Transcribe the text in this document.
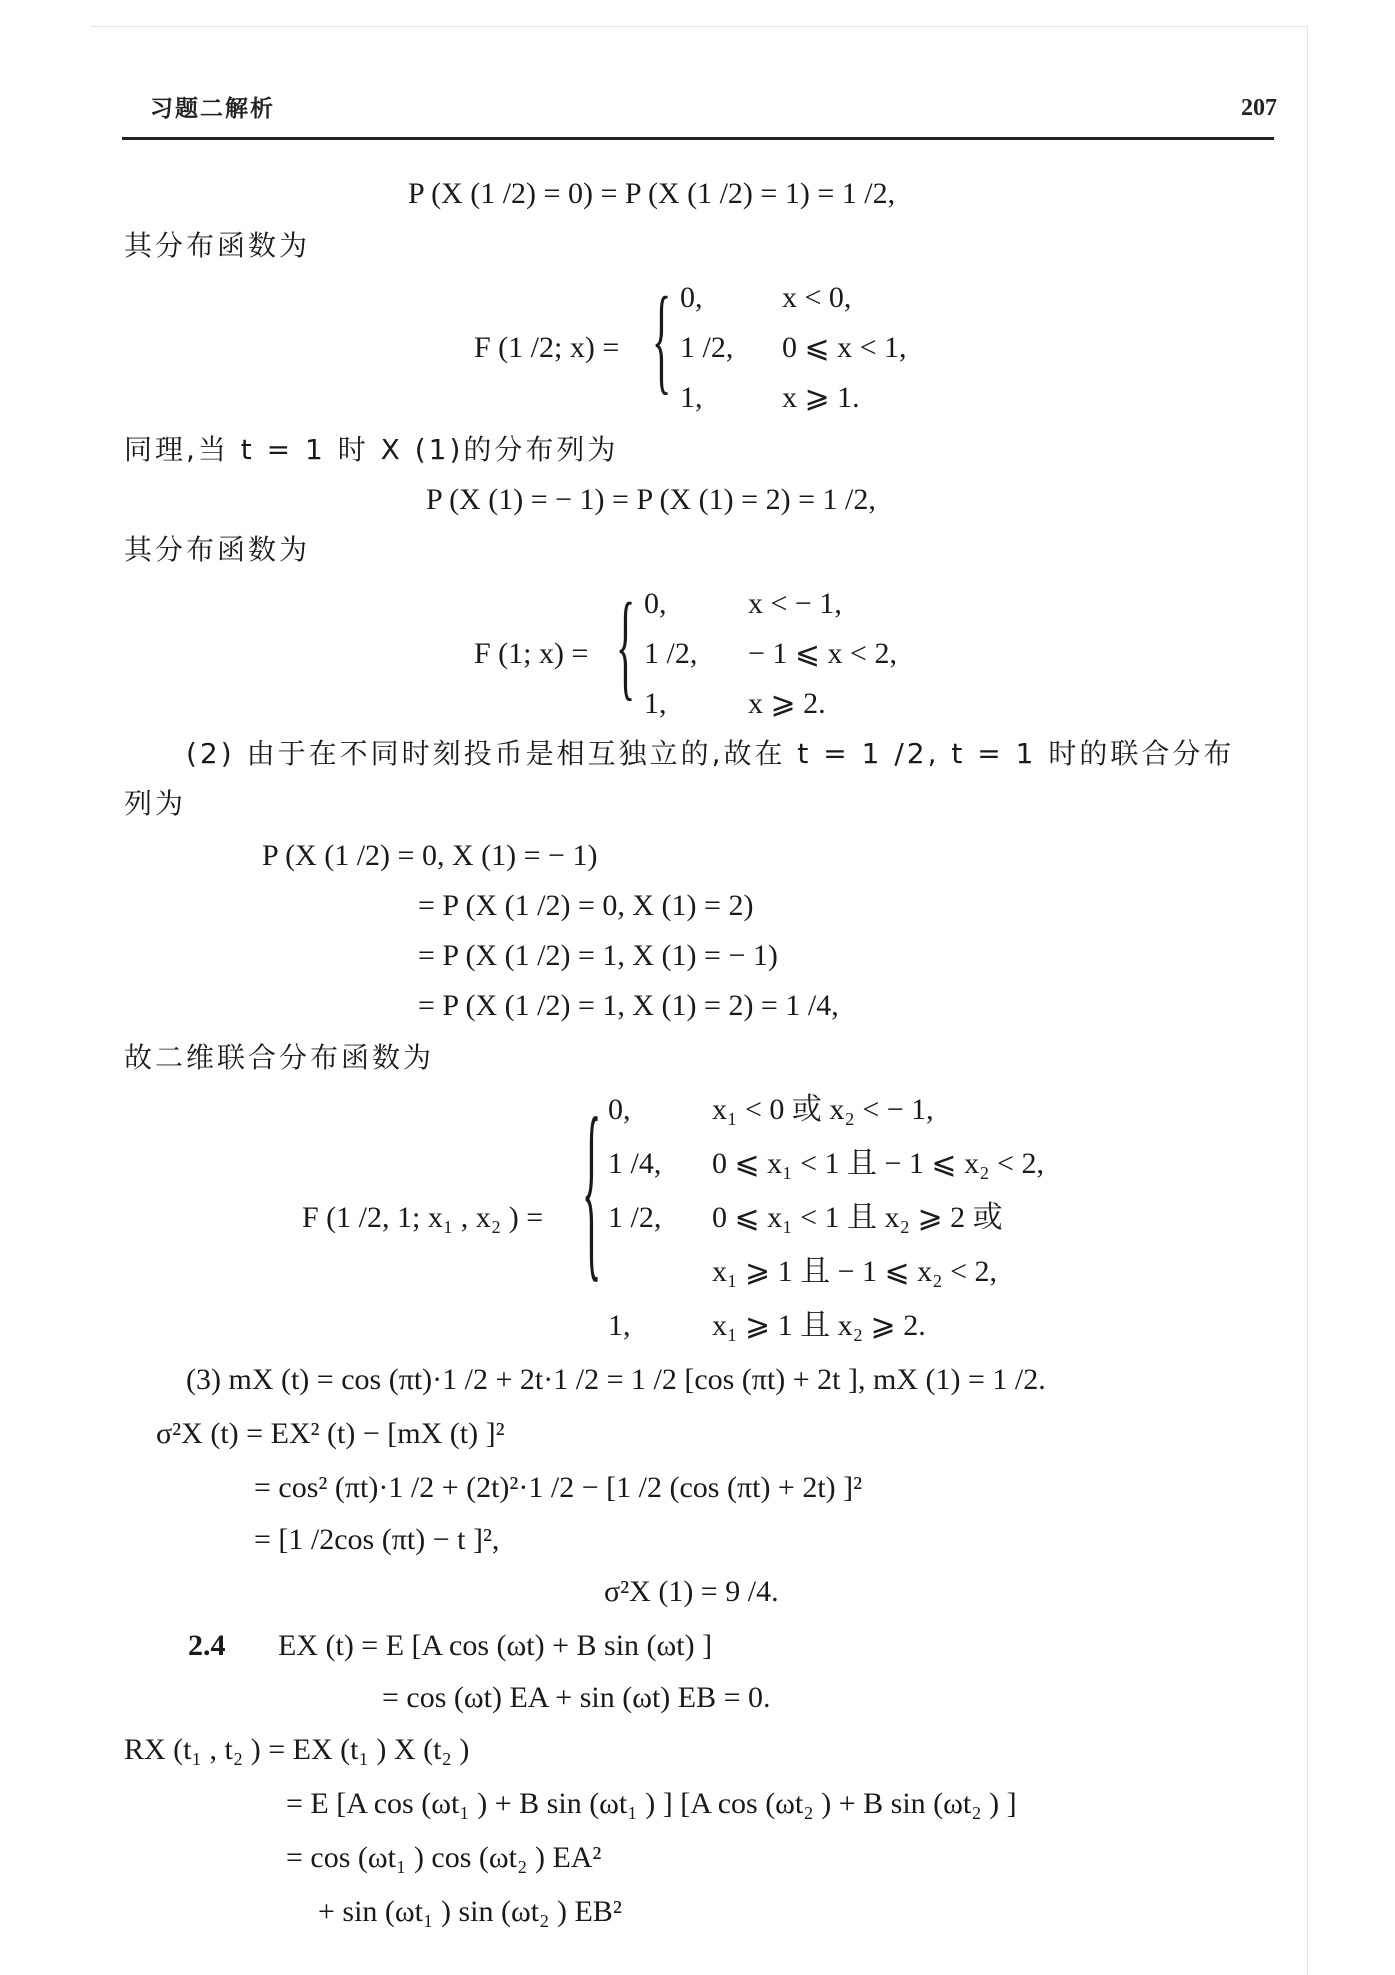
习题二解析	207
P (X (1 /2) = 0) = P (X (1 /2) = 1) = 1 /2,
其分布函数为
F (1 /2; x) = { 0,	x < 0,
1 /2, 0 ⩽ x < 1,
1,	x ⩾ 1.
同理,当 t = 1 时 X (1)的分布列为
P (X (1) = − 1) = P (X (1) = 2) = 1 /2,
其分布函数为
F (1; x) = { 0,	x < − 1,
1 /2, − 1 ⩽ x < 2,
1,	x ⩾ 2.
(2) 由于在不同时刻投币是相互独立的,故在 t = 1 /2, t = 1 时的联合分布
列为
P (X (1 /2) = 0, X (1) = − 1)
= P (X (1 /2) = 0, X (1) = 2)
= P (X (1 /2) = 1, X (1) = − 1)
= P (X (1 /2) = 1, X (1) = 2) = 1 /4,
故二维联合分布函数为
F (1 /2, 1; x₁ , x₂ ) = { 0,	x₁ < 0 或 x₂ < − 1,
1 /4, 0 ⩽ x₁ < 1 且 − 1 ⩽ x₂ < 2,
1 /2, 0 ⩽ x₁ < 1 且 x₂ ⩾ 2 或
x₁ ⩾ 1 且 − 1 ⩽ x₂ < 2,
1,	x₁ ⩾ 1 且 x₂ ⩾ 2.
(3) mX (t) = cos (πt)·1 /2 + 2t·1 /2 = 1 /2 [cos (πt) + 2t ], mX (1) = 1 /2.
σ²X (t) = EX² (t) − [mX (t) ]²
= cos² (πt)·1 /2 + (2t)²·1 /2 − [1 /2 (cos (πt) + 2t) ]²
= [1 /2cos (πt) − t ]²,
σ²X (1) = 9 /4.
2.4 EX (t) = E [A cos (ωt) + B sin (ωt) ]
= cos (ωt) EA + sin (ωt) EB = 0.
RX (t₁ , t₂ ) = EX (t₁ ) X (t₂ )
= E [A cos (ωt₁ ) + B sin (ωt₁ ) ] [A cos (ωt₂ ) + B sin (ωt₂ ) ]
= cos (ωt₁ ) cos (ωt₂ ) EA²
+ sin (ωt₁ ) sin (ωt₂ ) EB²
